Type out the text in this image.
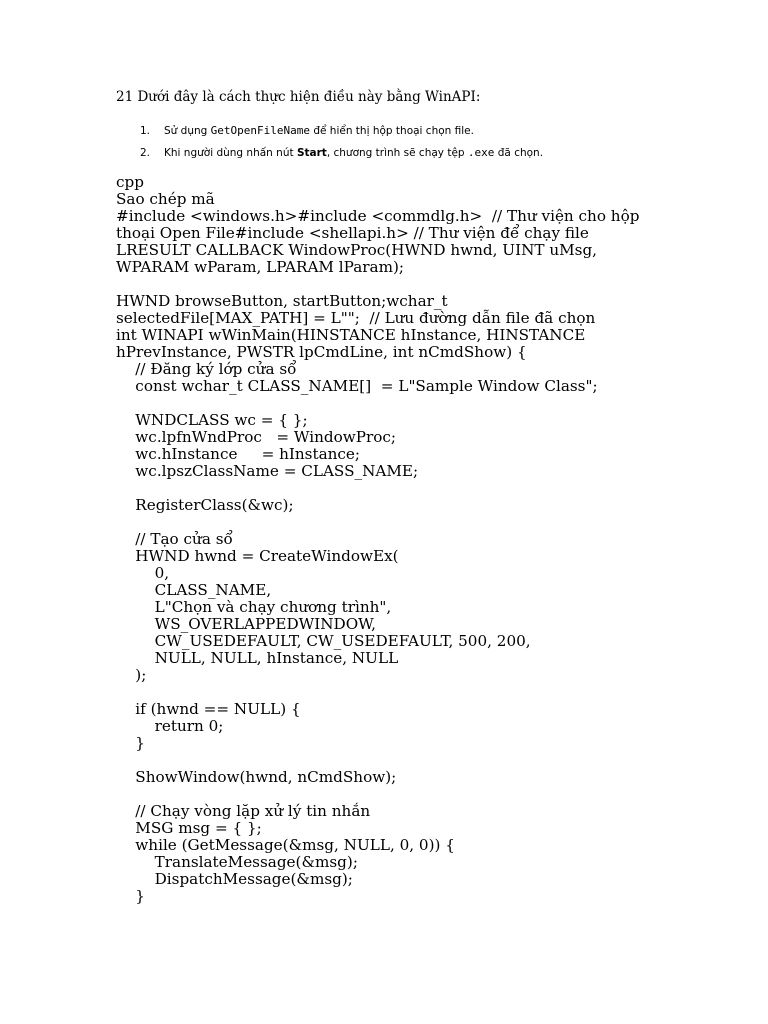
21 Dưới đây là cách thực hiện điều này bằng WinAPI:

1. Sử dụng GetOpenFileName để hiển thị hộp thoại chọn file.
2. Khi người dùng nhấn nút Start, chương trình sẽ chạy tệp .exe đã chọn.
cpp
Sao chép mã
#include <windows.h>#include <commdlg.h>  // Thư viện cho hộp
thoại Open File#include <shellapi.h> // Thư viện để chạy file
LRESULT CALLBACK WindowProc(HWND hwnd, UINT uMsg,
WPARAM wParam, LPARAM lParam);

HWND browseButton, startButton;wchar_t
selectedFile[MAX_PATH] = L"";  // Lưu đường dẫn file đã chọn
int WINAPI wWinMain(HINSTANCE hInstance, HINSTANCE
hPrevInstance, PWSTR lpCmdLine, int nCmdShow) {
// Đăng ký lớp cửa sổ
const wchar_t CLASS_NAME[]  = L"Sample Window Class";

WNDCLASS wc = { };
wc.lpfnWndProc   = WindowProc;
wc.hInstance     = hInstance;
wc.lpszClassName = CLASS_NAME;

RegisterClass(&wc);

// Tạo cửa sổ
HWND hwnd = CreateWindowEx(
0,
CLASS_NAME,
L"Chọn và chạy chương trình",
WS_OVERLAPPEDWINDOW,
CW_USEDEFAULT, CW_USEDEFAULT, 500, 200,
NULL, NULL, hInstance, NULL
);

if (hwnd == NULL) {
return 0;
}

ShowWindow(hwnd, nCmdShow);

// Chạy vòng lặp xử lý tin nhắn
MSG msg = { };
while (GetMessage(&msg, NULL, 0, 0)) {
TranslateMessage(&msg);
DispatchMessage(&msg);
}
